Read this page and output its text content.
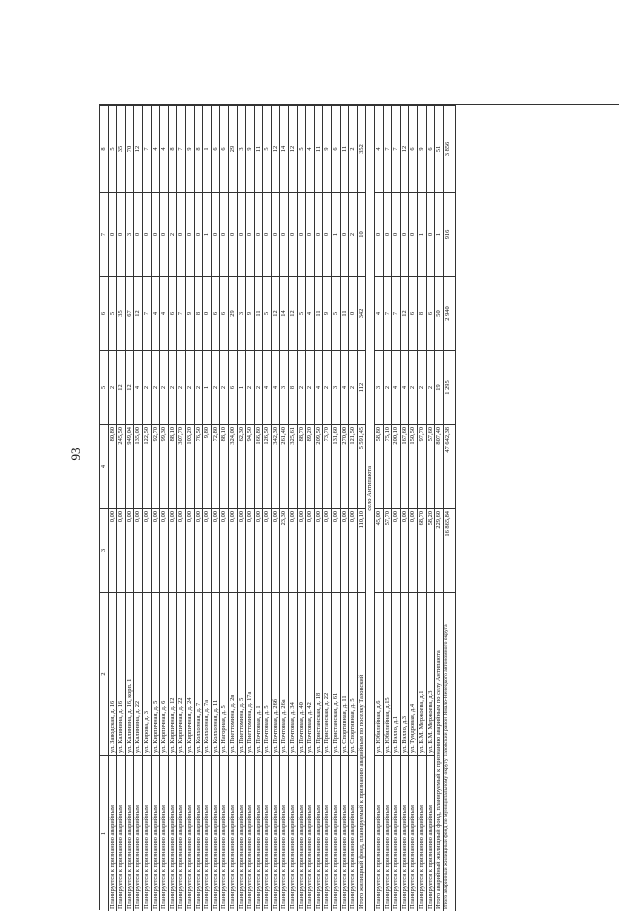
93
1
2
3
4
5
6
7
8
Планируется к признанию аварийным
ул. Заводская, д. 16
0,00
80,80
2
5
0
5
Планируется к признанию аварийным
ул. Калинина, д. 16
0,00
245,50
12
35
0
35
Планируется к признанию аварийным
ул. Калинина, д. 16, корп. 1
0,00
949,04
12
67
3
70
Планируется к признанию аварийным
ул. Калинина, д. 22
0,00
135,00
4
12
0
12
Планируется к признанию аварийным
ул. Кирова, д. 3
0,00
122,50
2
7
0
7
Планируется к признанию аварийным
ул. Кирпичная, д. 5
0,00
92,70
2
4
0
4
Планируется к признанию аварийным
ул. Кирпичная, д. 6
0,00
99,30
2
4
0
4
Планируется к признанию аварийным
ул. Кирпичная, д. 12
0,00
88,10
2
6
2
8
Планируется к признанию аварийным
ул. Кирпичная, д. 22
0,00
307,70
2
7
0
7
Планируется к признанию аварийным
ул. Кирпичная, д. 24
0,00
103,20
2
9
0
9
Планируется к признанию аварийным
ул. Колхозная, д. 7
0,00
76,50
2
8
0
8
Планируется к признанию аварийным
ул. Колхозная, д. 7а
0,00
9,80
1
0
1
1
Планируется к признанию аварийным
ул. Колхозная, д. 11
0,00
72,80
2
6
0
6
Планируется к признанию аварийным
ул. Нагорная, д. 5
0,00
88,10
2
6
0
6
Планируется к признанию аварийным
ул. Пиеттомина, д. 2в
0,00
324,00
6
29
0
29
Планируется к признанию аварийным
ул. Пиеттомина, д. 5
0,00
62,30
1
3
0
3
Планируется к признанию аварийным
ул. Пиеттомина, д. 17а
0,00
94,50
2
9
0
9
Планируется к признанию аварийным
ул. Почтовая, д. 1
0,00
166,80
2
11
0
11
Планируется к признанию аварийным
ул. Почтовая, д. 5
0,00
126,50
4
5
0
5
Планируется к признанию аварийным
ул. Почтовая, д. 26б
0,00
342,30
4
12
0
12
Планируется к признанию аварийным
ул. Почтовая, д. 26а
23,30
261,40
3
14
0
14
Планируется к признанию аварийным
ул. Почтовая, д. 34
0,00
325,61
8
12
0
12
Планируется к признанию аварийным
ул. Почтовая, д. 40
0,00
88,70
2
5
0
5
Планируется к признанию аварийным
ул. Почтовая, д. 42
0,00
89,20
2
4
0
4
Планируется к признанию аварийным
ул. Пристанская, д. 18
0,00
209,50
4
11
0
11
Планируется к признанию аварийным
ул. Пристанская, д. 22
0,00
73,70
2
9
0
9
Планируется к признанию аварийным
ул. Пристанская, д. 61
0,00
131,60
3
5
1
6
Планируется к признанию аварийным
ул. Спортивная, д. 11
0,00
270,00
4
11
0
11
Планируется к признанию аварийным
ул. Спортивная, д. 5
0,00
121,50
2
0
2
2
Итого жилищный фонд, планируемый к признанию аварийным по поселку Тазовский
110,10
5 591,45
112
342
10
352
село Антипаюта
Планируется к признанию аварийным
ул. Юбилейная, д.6
45,00
58,80
3
4
0
4
Планируется к признанию аварийным
ул. Юбилейная, д.15
57,70
75,10
2
7
0
7
Планируется к признанию аварийным
ул. Вэлло, д.1
0,00
200,10
4
7
0
7
Планируется к признанию аварийным
ул. Вэлло, д.3
0,00
167,60
4
12
0
12
Планируется к признанию аварийным
ул. Тундровая, д.4
0,00
150,50
2
6
0
6
Планируется к признанию аварийным
ул. Б.М. Мержоева, д.1
68,70
97,70
2
8
1
9
Планируется к признанию аварийным
ул. Б.М. Мержоева, д.3
58,20
57,60
2
6
0
6
Итого аварийный жилищный фонд, планируемый к признанию аварийным по селу Антипаюта
229,60
807,40
19
50
1
51
Итого аварийный жилищный фонд по муниципальному округу Тазовский район Ямало-Ненецкого автономного округа
16 865,84
47 642,38
1 295
2 940
916
3 856
